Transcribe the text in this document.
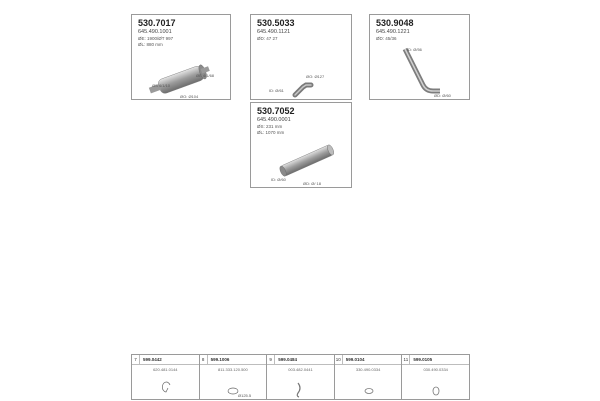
530.7017
645.490.1001
ØE: 1900/ØT 997
ØL: 880 mm
ØS 4/1/10
ØE 4/1/68
ØO: Ø104
530.5033
645.490.1121
ØD: 47 27
ØO: Ø127
ID: Ø/61
530.9048
645.490.1221
ØD: 45/36
ID: Ø/56
ØD: Ø/60
530.7052
645.490.0001
ØS: 231 mm
ØL: 1070 mm
ID: Ø/60
ØD: Ø/ 18
7	599.0442
620.481.0144
8	599.1006
811.333.120.500
Ø125.5
9	599.0484
003.482.0441
10	599.0104
330.490.0334
11	599.0105
030.490.0334
